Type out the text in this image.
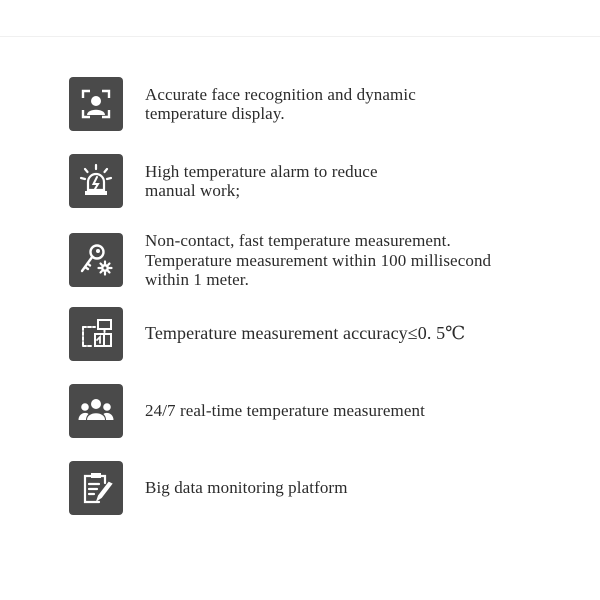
Accurate face recognition and dynamic
temperature display.
High temperature alarm to reduce
manual work;
Non-contact, fast temperature measurement.
Temperature measurement within 100 millisecond
within 1 meter.
Temperature measurement accuracy≤0. 5℃
24/7 real-time temperature measurement
Big data monitoring platform
